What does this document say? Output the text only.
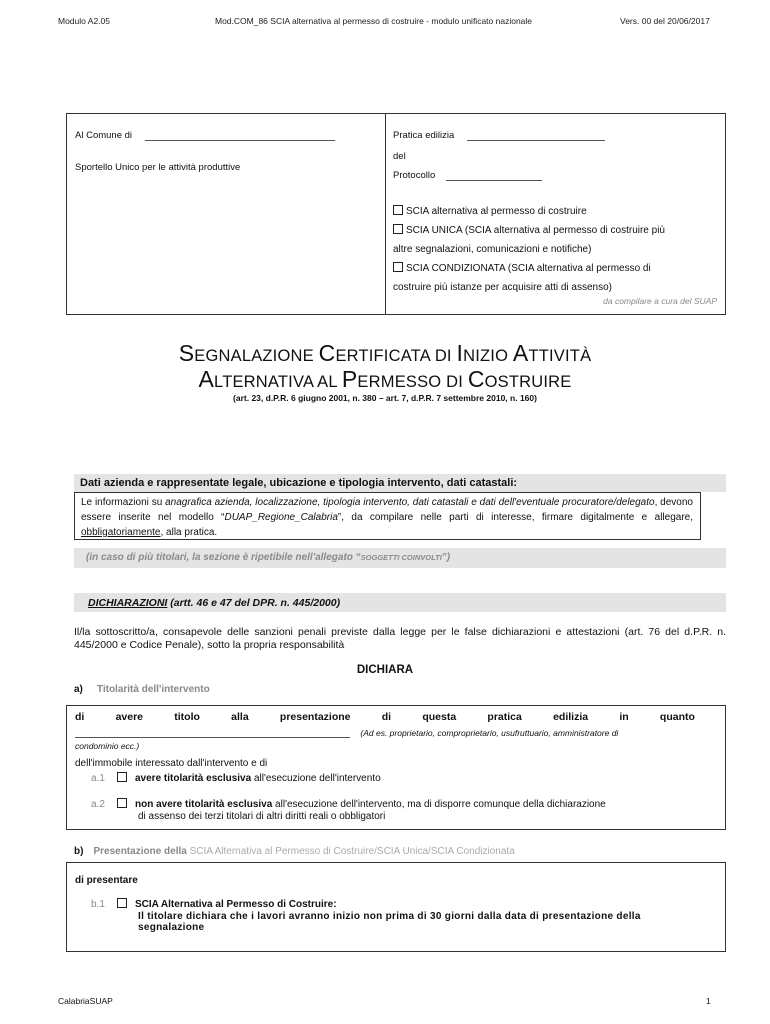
Modulo A2.05	Mod.COM_86 SCIA alternativa al permesso di costruire - modulo unificato nazionale	Vers. 00 del 20/06/2017
Al Comune di
Sportello Unico per le attività produttive
Pratica edilizia
del
Protocollo
SCIA alternativa al permesso di costruire
SCIA UNICA (SCIA alternativa al permesso di costruire più
altre segnalazioni, comunicazioni e notifiche)
SCIA CONDIZIONATA (SCIA alternativa al permesso di
costruire più istanze per acquisire atti di assenso)
da compilare a cura del SUAP
SEGNALAZIONE CERTIFICATA DI INIZIO ATTIVITÀ
ALTERNATIVA AL PERMESSO DI COSTRUIRE
(art. 23, d.P.R. 6 giugno 2001, n. 380 – art. 7, d.P.R. 7 settembre 2010, n. 160)
Dati azienda e rappresentate legale, ubicazione e tipologia intervento, dati catastali:
Le informazioni su anagrafica azienda, localizzazione, tipologia intervento, dati catastali e dati dell'eventuale procuratore/delegato, devono essere inserite nel modello “DUAP_Regione_Calabria”, da compilare nelle parti di interesse, firmare digitalmente e allegare, obbligatoriamente, alla pratica.
(in caso di più titolari, la sezione è ripetibile nell'allegato “SOGGETTI COINVOLTI”)
DICHIARAZIONI (artt. 46 e 47 del DPR. n. 445/2000)
Il/la sottoscritto/a, consapevole delle sanzioni penali previste dalla legge per le false dichiarazioni e attestazioni (art. 76 del d.P.R. n. 445/2000 e Codice Penale), sotto la propria responsabilità
DICHIARA
a) Titolarità dell'intervento
di	avere	titolo	alla	presentazione	di	questa	pratica	edilizia	in	quanto
(Ad es. proprietario, comproprietario, usufruttuario, amministratore di
condominio ecc.)
dell'immobile interessato dall'intervento e di
a.1	avere titolarità esclusiva all'esecuzione dell'intervento
a.2	non avere titolarità esclusiva all'esecuzione dell'intervento, ma di disporre comunque della dichiarazione
di assenso dei terzi titolari di altri diritti reali o obbligatori
b) Presentazione della SCIA Alternativa al Permesso di Costruire/SCIA Unica/SCIA Condizionata
di presentare
b.1	SCIA Alternativa al Permesso di Costruire:
Il titolare dichiara che i lavori avranno inizio non prima di 30 giorni dalla data di presentazione della
segnalazione
CalabriaSUAP	1
